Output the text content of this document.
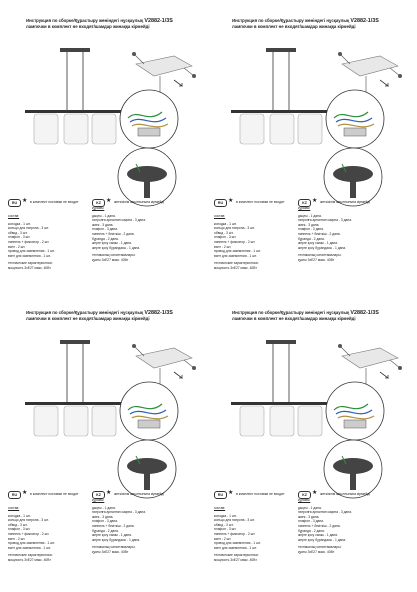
Инструкция по сборке/Құрастыру жөніндегі нұсқаулық V2882-1/3S
лампочки в комплект не входят/шамдар жинаққа кірмейді
RU ★ в комплект поставки не входит	KZ ★ жеткізілім жиынтығына кірмейді
состав:
колодка - 1 шт.
кольцо для патрона - 3 шт.
обвод - 3 шт.
плафон - 3 шт.
ниппель + фиксатор - 2 шт.
винт - 2 шт.
провод для заземления - 1 шт.
винт для заземления - 1 шт.
технические характеристики:
мощность 3xE27 макс. 40Вт
құрамы:
дыңғы - 1 дана.
патронға арналған сақина - 3 дана.
жиек - 3 дана.
плафон - 3 дана.
ниппель + бекіткіш - 2 дана.
бұранда - 2 дана.
жерге қосу сымы - 1 дана.
жерге қосу бұрандасы - 1 дана.
техникалық сипаттамалары:
қуаты 3xE27 макс. 40Вт
Инструкция по сборке/Құрастыру жөніндегі нұсқаулық V2882-1/3S
лампочки в комплект не входят/шамдар жинаққа кірмейді
RU ★ в комплект поставки не входит	KZ ★ жеткізілім жиынтығына кірмейді
состав:
колодка - 1 шт.
кольцо для патрона - 3 шт.
обвод - 3 шт.
плафон - 3 шт.
ниппель + фиксатор - 2 шт.
винт - 2 шт.
провод для заземления - 1 шт.
винт для заземления - 1 шт.
технические характеристики:
мощность 3xE27 макс. 40Вт
құрамы:
дыңғы - 1 дана.
патронға арналған сақина - 3 дана.
жиек - 3 дана.
плафон - 3 дана.
ниппель + бекіткіш - 2 дана.
бұранда - 2 дана.
жерге қосу сымы - 1 дана.
жерге қосу бұрандасы - 1 дана.
техникалық сипаттамалары:
қуаты 3xE27 макс. 40Вт
Инструкция по сборке/Құрастыру жөніндегі нұсқаулық V2882-1/3S
лампочки в комплект не входят/шамдар жинаққа кірмейді
RU ★ в комплект поставки не входит	KZ ★ жеткізілім жиынтығына кірмейді
состав:
колодка - 1 шт.
кольцо для патрона - 3 шт.
обвод - 3 шт.
плафон - 3 шт.
ниппель + фиксатор - 2 шт.
винт - 2 шт.
провод для заземления - 1 шт.
винт для заземления - 1 шт.
технические характеристики:
мощность 3xE27 макс. 40Вт
құрамы:
дыңғы - 1 дана.
патронға арналған сақина - 3 дана.
жиек - 3 дана.
плафон - 3 дана.
ниппель + бекіткіш - 2 дана.
бұранда - 2 дана.
жерге қосу сымы - 1 дана.
жерге қосу бұрандасы - 1 дана.
техникалық сипаттамалары:
қуаты 3xE27 макс. 40Вт
Инструкция по сборке/Құрастыру жөніндегі нұсқаулық V2882-1/3S
лампочки в комплект не входят/шамдар жинаққа кірмейді
RU ★ в комплект поставки не входит	KZ ★ жеткізілім жиынтығына кірмейді
состав:
колодка - 1 шт.
кольцо для патрона - 3 шт.
обвод - 3 шт.
плафон - 3 шт.
ниппель + фиксатор - 2 шт.
винт - 2 шт.
провод для заземления - 1 шт.
винт для заземления - 1 шт.
технические характеристики:
мощность 3xE27 макс. 40Вт
құрамы:
дыңғы - 1 дана.
патронға арналған сақина - 3 дана.
жиек - 3 дана.
плафон - 3 дана.
ниппель + бекіткіш - 2 дана.
бұранда - 2 дана.
жерге қосу сымы - 1 дана.
жерге қосу бұрандасы - 1 дана.
техникалық сипаттамалары:
қуаты 3xE27 макс. 40Вт
